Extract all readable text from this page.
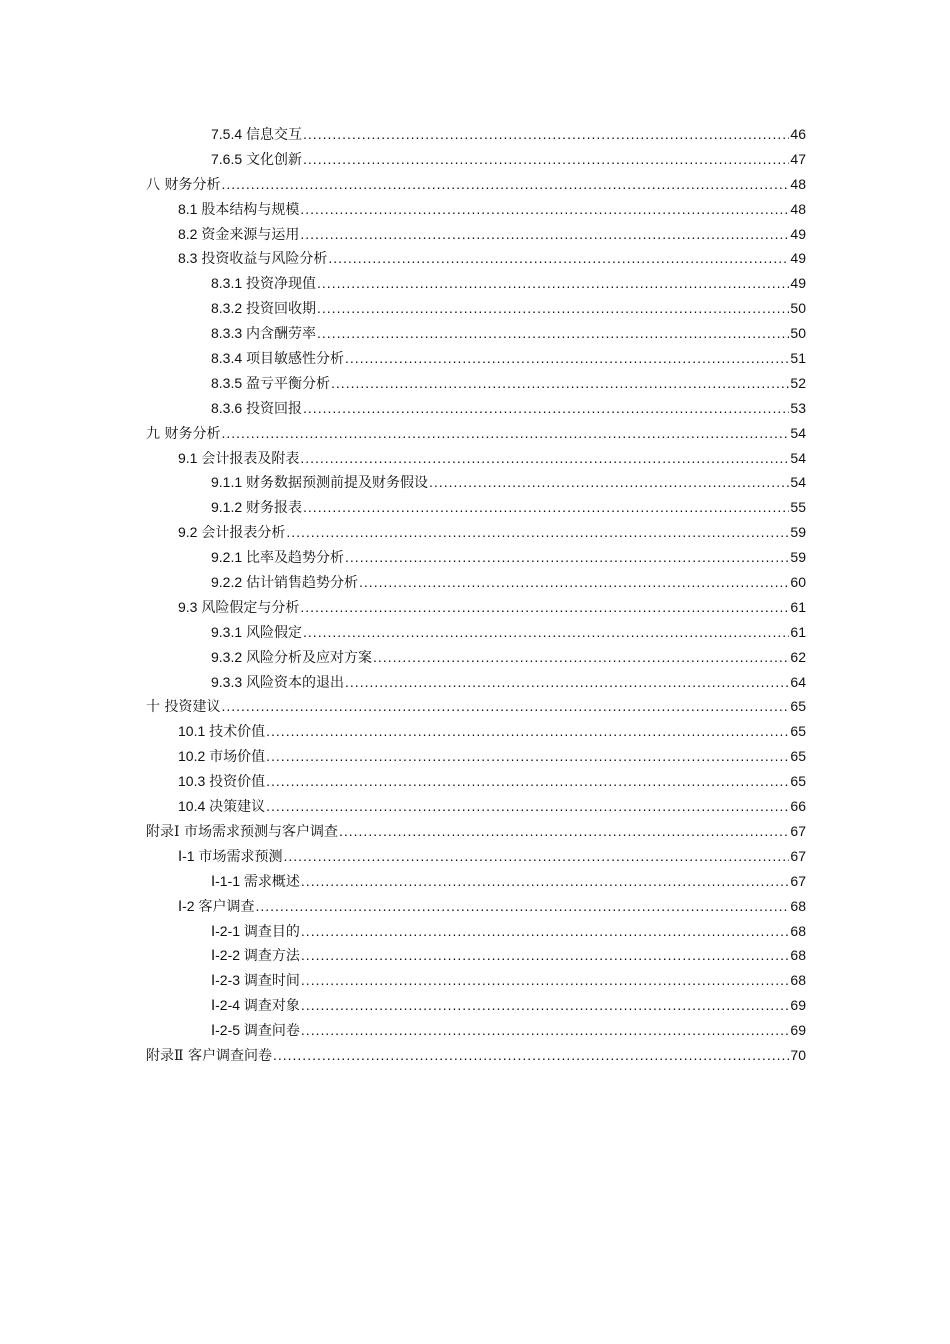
7.5.4 信息交互 .....	46
7.6.5 文化创新 .....	47
八 财务分析 .....	48
8.1 股本结构与规模 .....	48
8.2 资金来源与运用 .....	49
8.3 投资收益与风险分析 .....	49
8.3.1 投资净现值 .....	49
8.3.2 投资回收期 .....	50
8.3.3 内含酬劳率 .....	50
8.3.4 项目敏感性分析 .....	51
8.3.5 盈亏平衡分析 .....	52
8.3.6 投资回报 .....	53
九 财务分析 .....	54
9.1 会计报表及附表 .....	54
9.1.1 财务数据预测前提及财务假设 .....	54
9.1.2 财务报表 .....	55
9.2 会计报表分析 .....	59
9.2.1 比率及趋势分析 .....	59
9.2.2 估计销售趋势分析 .....	60
9.3 风险假定与分析 .....	61
9.3.1 风险假定 .....	61
9.3.2 风险分析及应对方案 .....	62
9.3.3 风险资本的退出 .....	64
十 投资建议 .....	65
10.1 技术价值 .....	65
10.2 市场价值 .....	65
10.3 投资价值 .....	65
10.4 决策建议 .....	66
附录Ⅰ 市场需求预测与客户调查 .....	67
Ⅰ-1 市场需求预测 .....	67
Ⅰ-1-1 需求概述 .....	67
Ⅰ-2 客户调查 .....	68
Ⅰ-2-1 调查目的 .....	68
Ⅰ-2-2 调查方法 .....	68
Ⅰ-2-3 调查时间 .....	68
Ⅰ-2-4 调查对象 .....	69
Ⅰ-2-5 调查问卷 .....	69
附录Ⅱ 客户调查问卷 .....	70
